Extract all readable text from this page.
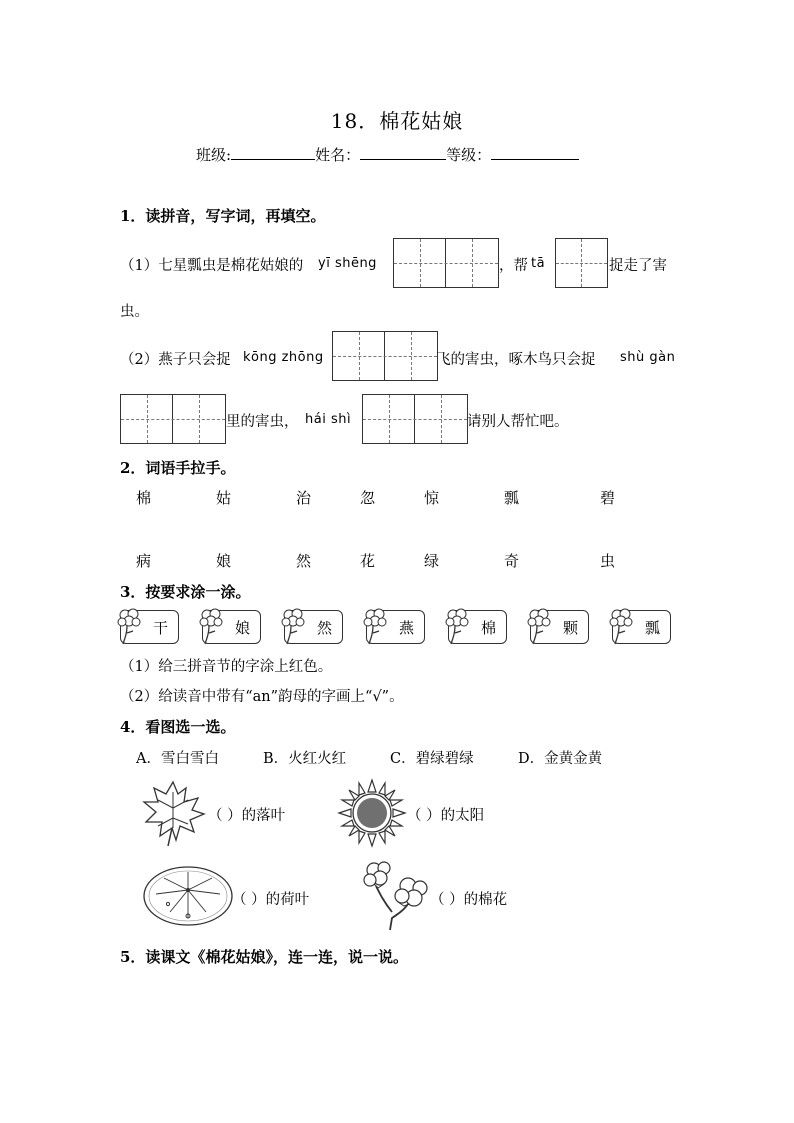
18．棉花姑娘
班级:	姓名：	等级：
1．读拼音，写字词，再填空。
（1）七星瓢虫是棉花姑娘的 yī shēng	，帮 tā	捉走了害
虫。
（2）燕子只会捉 kōng zhōng	飞的害虫，啄木鸟只会捉 shù gàn
里的害虫， hái shì	请别人帮忙吧。
2．词语手拉手。
棉	姑	治	忽	惊	瓢	碧
病	娘	然	花	绿	奇	虫
3．按要求涂一涂。
干	娘	然	燕	棉	颗	瓢
（1）给三拼音节的字涂上红色。
（2）给读音中带有“an”韵母的字画上“√”。
4．看图选一选。
A．雪白雪白	B．火红火红	C．碧绿碧绿	D．金黄金黄
（ ）的落叶	（ ）的太阳
（ ）的荷叶	（ ）的棉花
5．读课文《棉花姑娘》，连一连，说一说。
